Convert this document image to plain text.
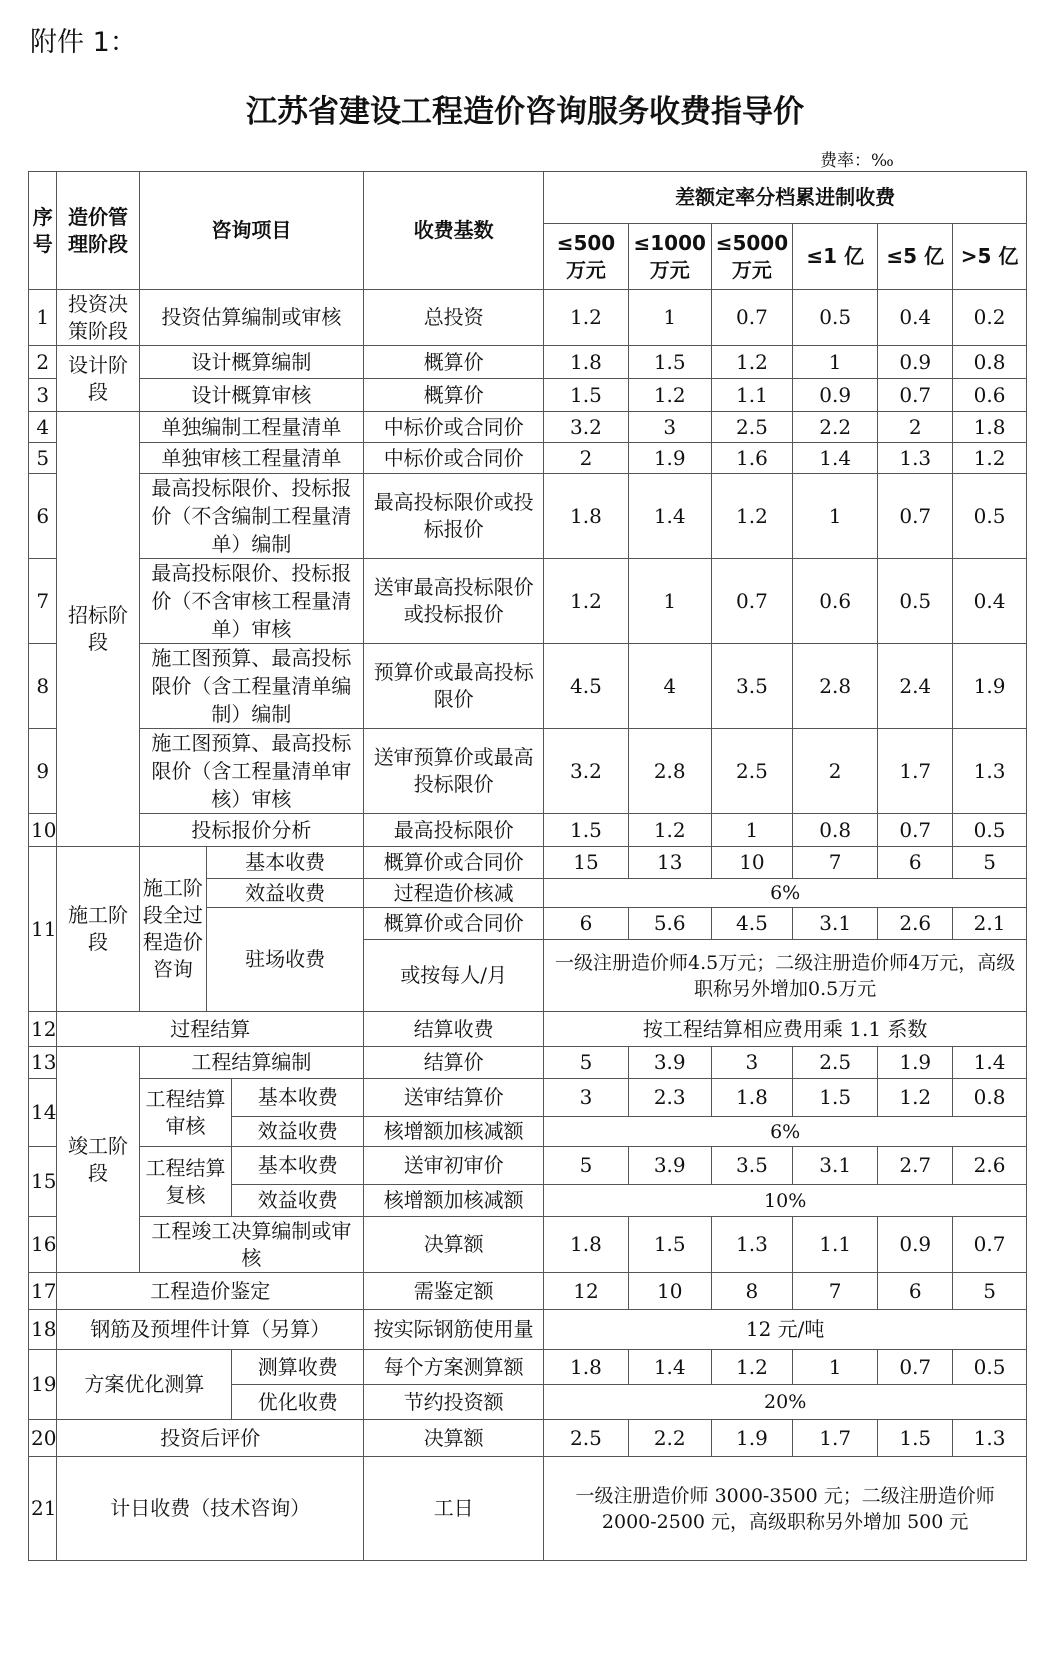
附件 1：
江苏省建设工程造价咨询服务收费指导价
费率：‰
序号	造价管理阶段	咨询项目			收费基数	差额定率分档累进制收费					
						≤500 万元	≤1000 万元	≤5000 万元	≤1 亿	≤5 亿	>5 亿
1	投资决策阶段	投资估算编制或审核			总投资	1.2	1	0.7	0.5	0.4	0.2
2	设计阶段	设计概算编制			概算价	1.8	1.5	1.2	1	0.9	0.8
3		设计概算审核			概算价	1.5	1.2	1.1	0.9	0.7	0.6
4	招标阶段	单独编制工程量清单			中标价或合同价	3.2	3	2.5	2.2	2	1.8
5		单独审核工程量清单			中标价或合同价	2	1.9	1.6	1.4	1.3	1.2
6		最高投标限价、投标报价（不含编制工程量清单）编制			最高投标限价或投标报价	1.8	1.4	1.2	1	0.7	0.5
7		最高投标限价、投标报价（不含审核工程量清单）审核			送审最高投标限价或投标报价	1.2	1	0.7	0.6	0.5	0.4
8		施工图预算、最高投标限价（含工程量清单编制）编制			预算价或最高投标限价	4.5	4	3.5	2.8	2.4	1.9
9		施工图预算、最高投标限价（含工程量清单审核）审核			送审预算价或最高投标限价	3.2	2.8	2.5	2	1.7	1.3
10		投标报价分析			最高投标限价	1.5	1.2	1	0.8	0.7	0.5
11	施工阶段	施工阶段全过程造价咨询	基本收费		概算价或合同价	15	13	10	7	6	5
			效益收费		过程造价核减	6%					
			驻场收费		概算价或合同价	6	5.6	4.5	3.1	2.6	2.1
					或按每人/月	一级注册造价师4.5万元；二级注册造价师4万元，高级职称另外增加0.5万元					

12	过程结算				结算收费	按工程结算相应费用乘 1.1 系数					
13	竣工阶段	工程结算编制			结算价	5	3.9	3	2.5	1.9	1.4
14		工程结算审核		基本收费	送审结算价	3	2.3	1.8	1.5	1.2	0.8
				效益收费	核增额加核减额	6%					
15		工程结算复核		基本收费	送审初审价	5	3.9	3.5	3.1	2.7	2.6
				效益收费	核增额加核减额	10%					
16		工程竣工决算编制或审核			决算额	1.8	1.5	1.3	1.1	0.9	0.7
17	工程造价鉴定				需鉴定额	12	10	8	7	6	5
18	钢筋及预埋件计算（另算）				按实际钢筋使用量	12 元/吨					
19	方案优化测算			测算收费	每个方案测算额	1.8	1.4	1.2	1	0.7	0.5
				优化收费	节约投资额	20%					
20	投资后评价				决算额	2.5	2.2	1.9	1.7	1.5	1.3
21	计日收费（技术咨询）				工日	一级注册造价师 3000-3500 元；二级注册造价师 2000-2500 元，高级职称另外增加 500 元					
